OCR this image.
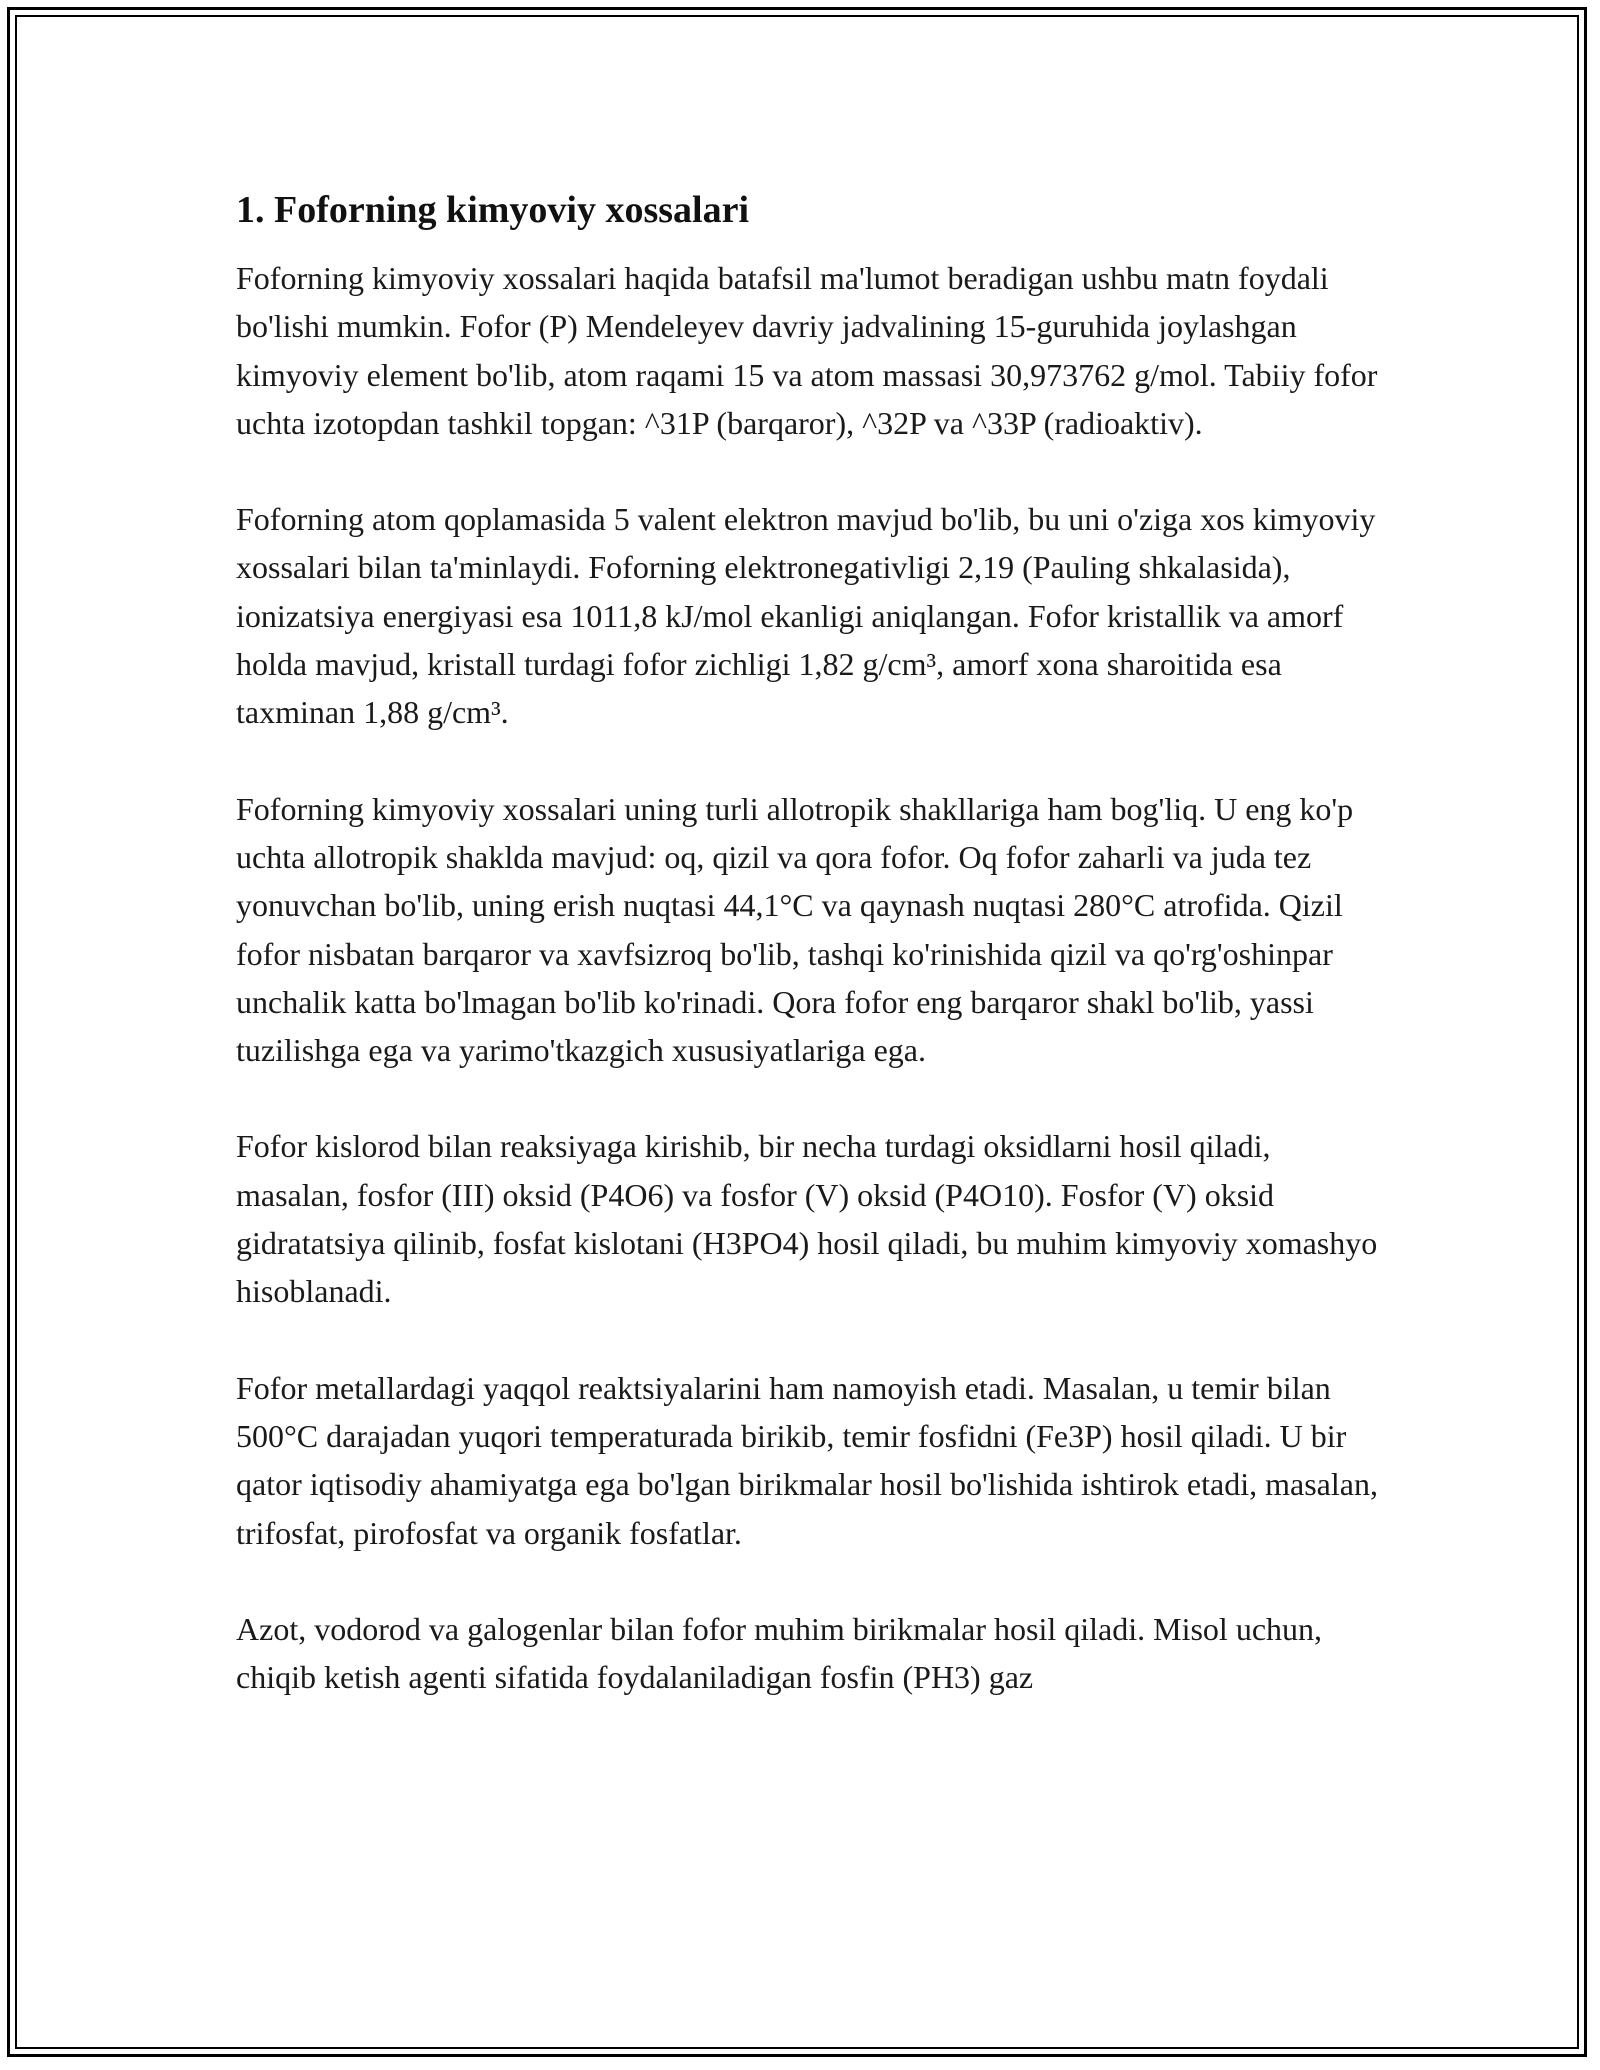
1. Foforning kimyoviy xossalari

Foforning kimyoviy xossalari haqida batafsil ma'lumot beradigan ushbu matn foydali bo'lishi mumkin. Fofor (P) Mendeleyev davriy jadvalining 15-guruhida joylashgan kimyoviy element bo'lib, atom raqami 15 va atom massasi 30,973762 g/mol. Tabiiy fofor uchta izotopdan tashkil topgan: ^31P (barqaror), ^32P va ^33P (radioaktiv).

Foforning atom qoplamasida 5 valent elektron mavjud bo'lib, bu uni o'ziga xos kimyoviy xossalari bilan ta'minlaydi. Foforning elektronegativligi 2,19 (Pauling shkalasida), ionizatsiya energiyasi esa 1011,8 kJ/mol ekanligi aniqlangan. Fofor kristallik va amorf holda mavjud, kristall turdagi fofor zichligi 1,82 g/cm³, amorf xona sharoitida esa taxminan 1,88 g/cm³.

Foforning kimyoviy xossalari uning turli allotropik shakllariga ham bog'liq. U eng ko'p uchta allotropik shaklda mavjud: oq, qizil va qora fofor. Oq fofor zaharli va juda tez yonuvchan bo'lib, uning erish nuqtasi 44,1°C va qaynash nuqtasi 280°C atrofida. Qizil fofor nisbatan barqaror va xavfsizroq bo'lib, tashqi ko'rinishida qizil va qo'rg'oshinpar unchalik katta bo'lmagan bo'lib ko'rinadi. Qora fofor eng barqaror shakl bo'lib, yassi tuzilishga ega va yarimo'tkazgich xususiyatlariga ega.

Fofor kislorod bilan reaksiyaga kirishib, bir necha turdagi oksidlarni hosil qiladi, masalan, fosfor (III) oksid (P4O6) va fosfor (V) oksid (P4O10). Fosfor (V) oksid gidratatsiya qilinib, fosfat kislotani (H3PO4) hosil qiladi, bu muhim kimyoviy xomashyo hisoblanadi.

Fofor metallardagi yaqqol reaktsiyalarini ham namoyish etadi. Masalan, u temir bilan 500°C darajadan yuqori temperaturada birikib, temir fosfidni (Fe3P) hosil qiladi. U bir qator iqtisodiy ahamiyatga ega bo'lgan birikmalar hosil bo'lishida ishtirok etadi, masalan, trifosfat, pirofosfat va organik fosfatlar.

Azot, vodorod va galogenlar bilan fofor muhim birikmalar hosil qiladi. Misol uchun, chiqib ketish agenti sifatida foydalaniladigan fosfin (PH3) gaz
